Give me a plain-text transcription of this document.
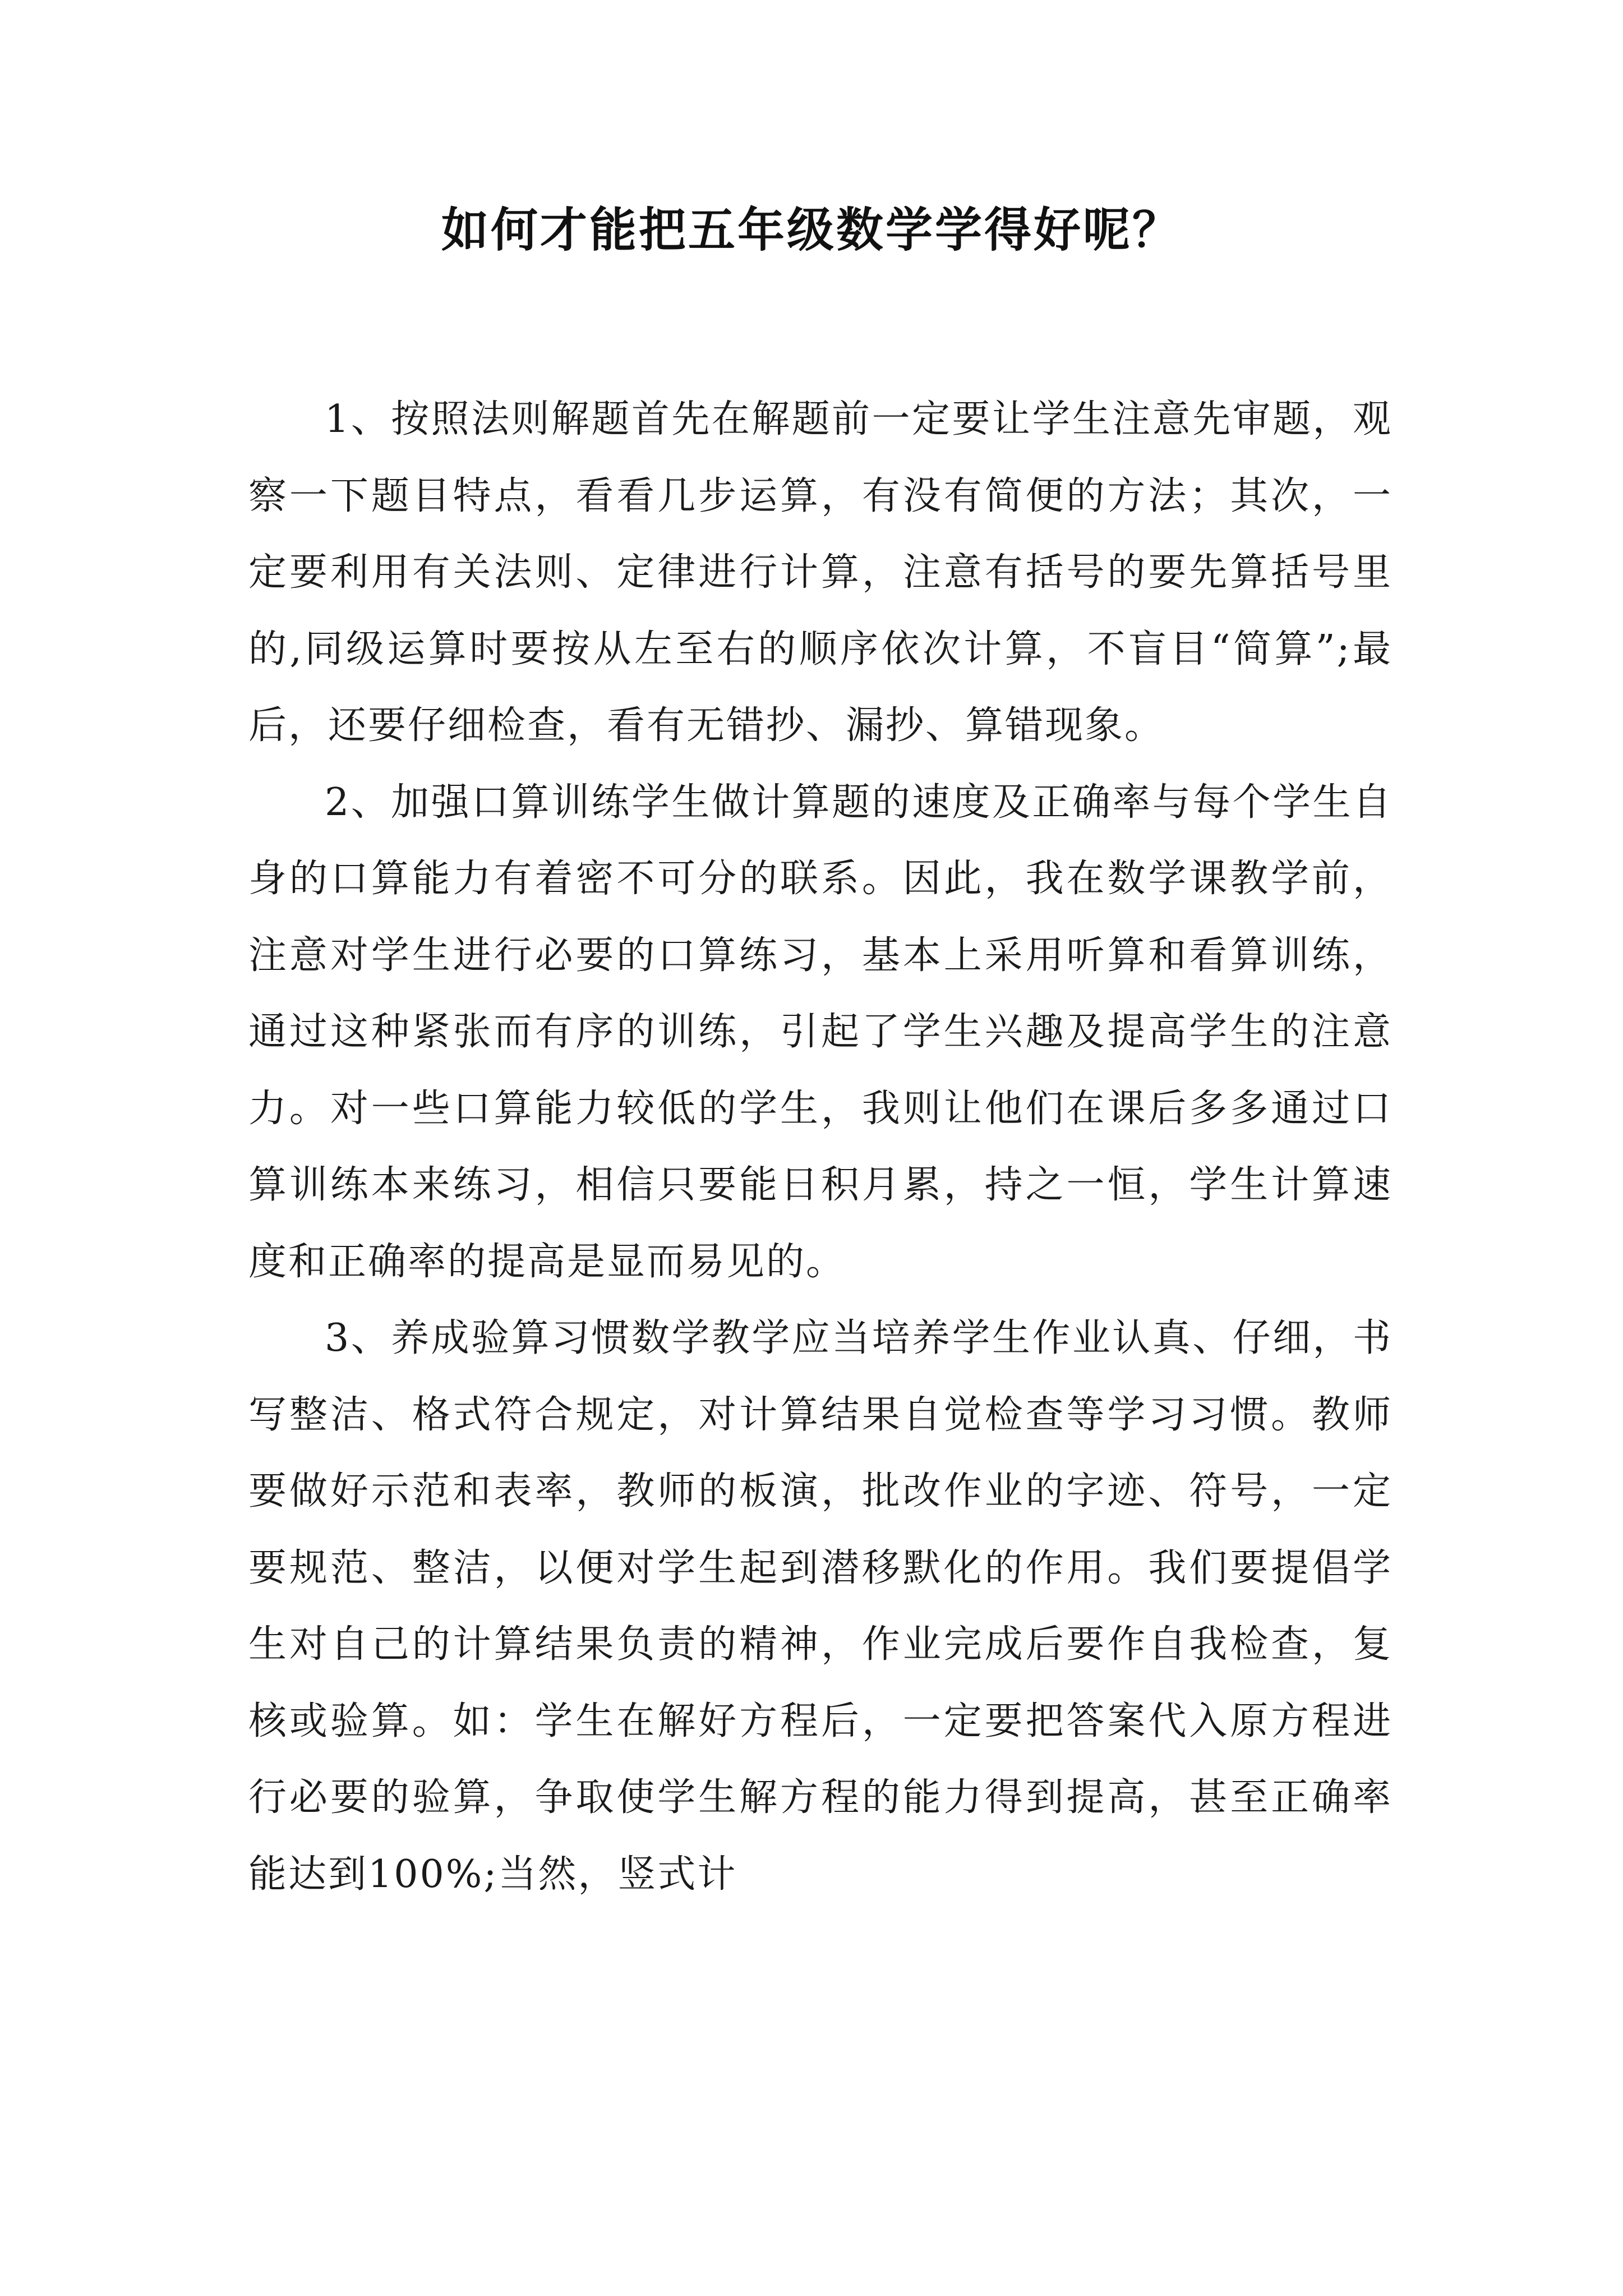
如何才能把五年级数学学得好呢？

1、按照法则解题首先在解题前一定要让学生注意先审题，观察一下题目特点，看看几步运算，有没有简便的方法；其次，一定要利用有关法则、定律进行计算，注意有括号的要先算括号里的,同级运算时要按从左至右的顺序依次计算，不盲目“简算”;最后，还要仔细检查，看有无错抄、漏抄、算错现象。

2、加强口算训练学生做计算题的速度及正确率与每个学生自身的口算能力有着密不可分的联系。因此，我在数学课教学前，注意对学生进行必要的口算练习，基本上采用听算和看算训练，通过这种紧张而有序的训练，引起了学生兴趣及提高学生的注意力。对一些口算能力较低的学生，我则让他们在课后多多通过口算训练本来练习，相信只要能日积月累，持之一恒，学生计算速度和正确率的提高是显而易见的。

3、养成验算习惯数学教学应当培养学生作业认真、仔细，书写整洁、格式符合规定，对计算结果自觉检查等学习习惯。教师要做好示范和表率，教师的板演，批改作业的字迹、符号，一定要规范、整洁，以便对学生起到潜移默化的作用。我们要提倡学生对自己的计算结果负责的精神，作业完成后要作自我检查，复核或验算。如：学生在解好方程后，一定要把答案代入原方程进行必要的验算，争取使学生解方程的能力得到提高，甚至正确率能达到100%;当然，竖式计
